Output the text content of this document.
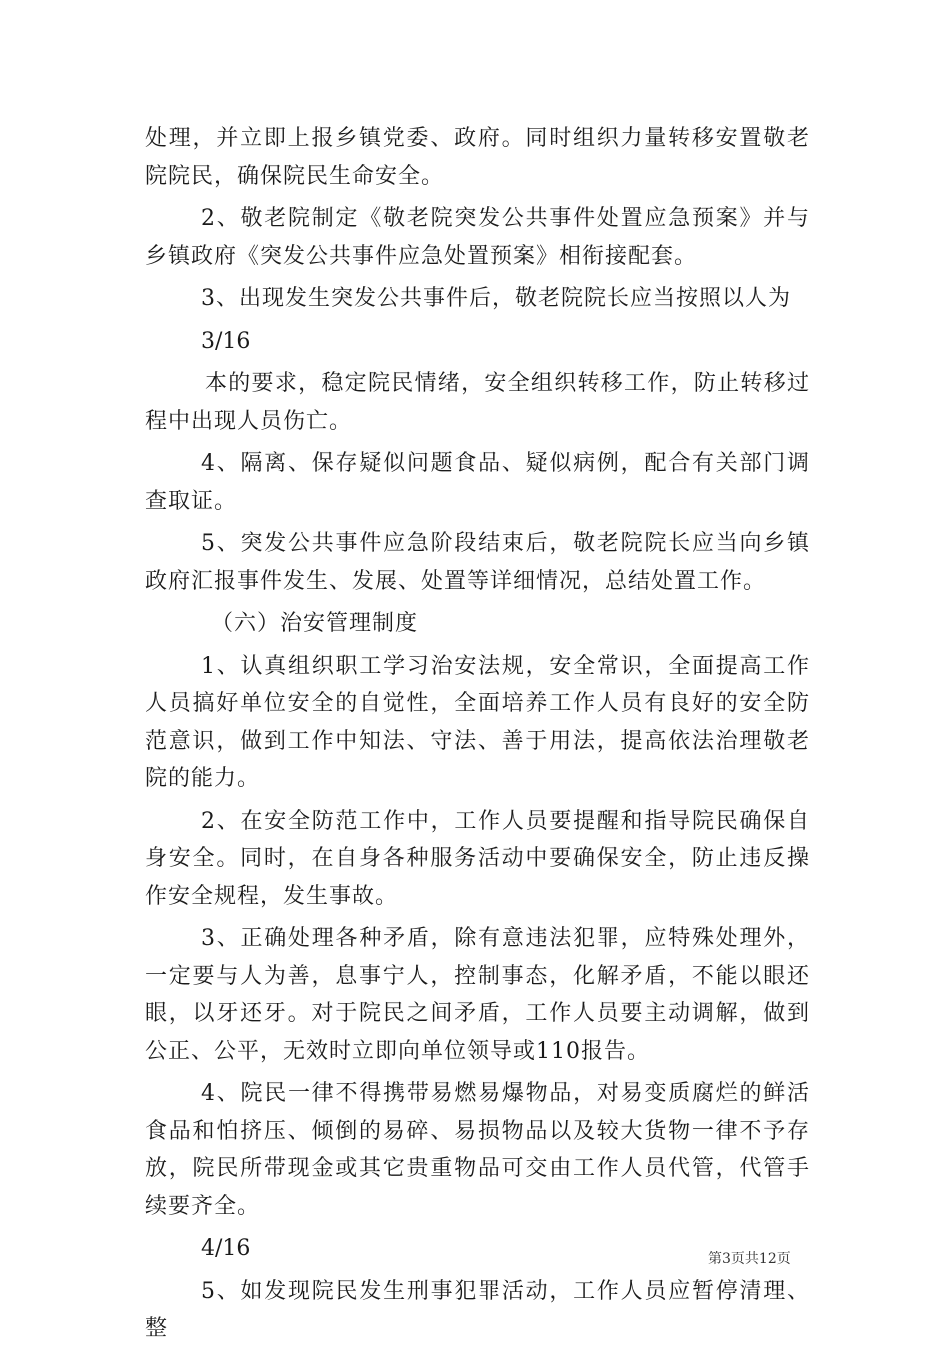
处理，并立即上报乡镇党委、政府。同时组织力量转移安置敬老院院民，确保院民生命安全。

2、敬老院制定《敬老院突发公共事件处置应急预案》并与乡镇政府《突发公共事件应急处置预案》相衔接配套。

3、出现发生突发公共事件后，敬老院院长应当按照以人为

3/16

本的要求，稳定院民情绪，安全组织转移工作，防止转移过程中出现人员伤亡。

4、隔离、保存疑似问题食品、疑似病例，配合有关部门调查取证。

5、突发公共事件应急阶段结束后，敬老院院长应当向乡镇政府汇报事件发生、发展、处置等详细情况，总结处置工作。

（六）治安管理制度

1、认真组织职工学习治安法规，安全常识，全面提高工作人员搞好单位安全的自觉性，全面培养工作人员有良好的安全防范意识，做到工作中知法、守法、善于用法，提高依法治理敬老院的能力。

2、在安全防范工作中，工作人员要提醒和指导院民确保自身安全。同时，在自身各种服务活动中要确保安全，防止违反操作安全规程，发生事故。

3、正确处理各种矛盾，除有意违法犯罪，应特殊处理外，一定要与人为善，息事宁人，控制事态，化解矛盾，不能以眼还眼，以牙还牙。对于院民之间矛盾，工作人员要主动调解，做到公正、公平，无效时立即向单位领导或110报告。

4、院民一律不得携带易燃易爆物品，对易变质腐烂的鲜活食品和怕挤压、倾倒的易碎、易损物品以及较大货物一律不予存放，院民所带现金或其它贵重物品可交由工作人员代管，代管手续要齐全。

4/16

5、如发现院民发生刑事犯罪活动，工作人员应暂停清理、整

第3页共12页
